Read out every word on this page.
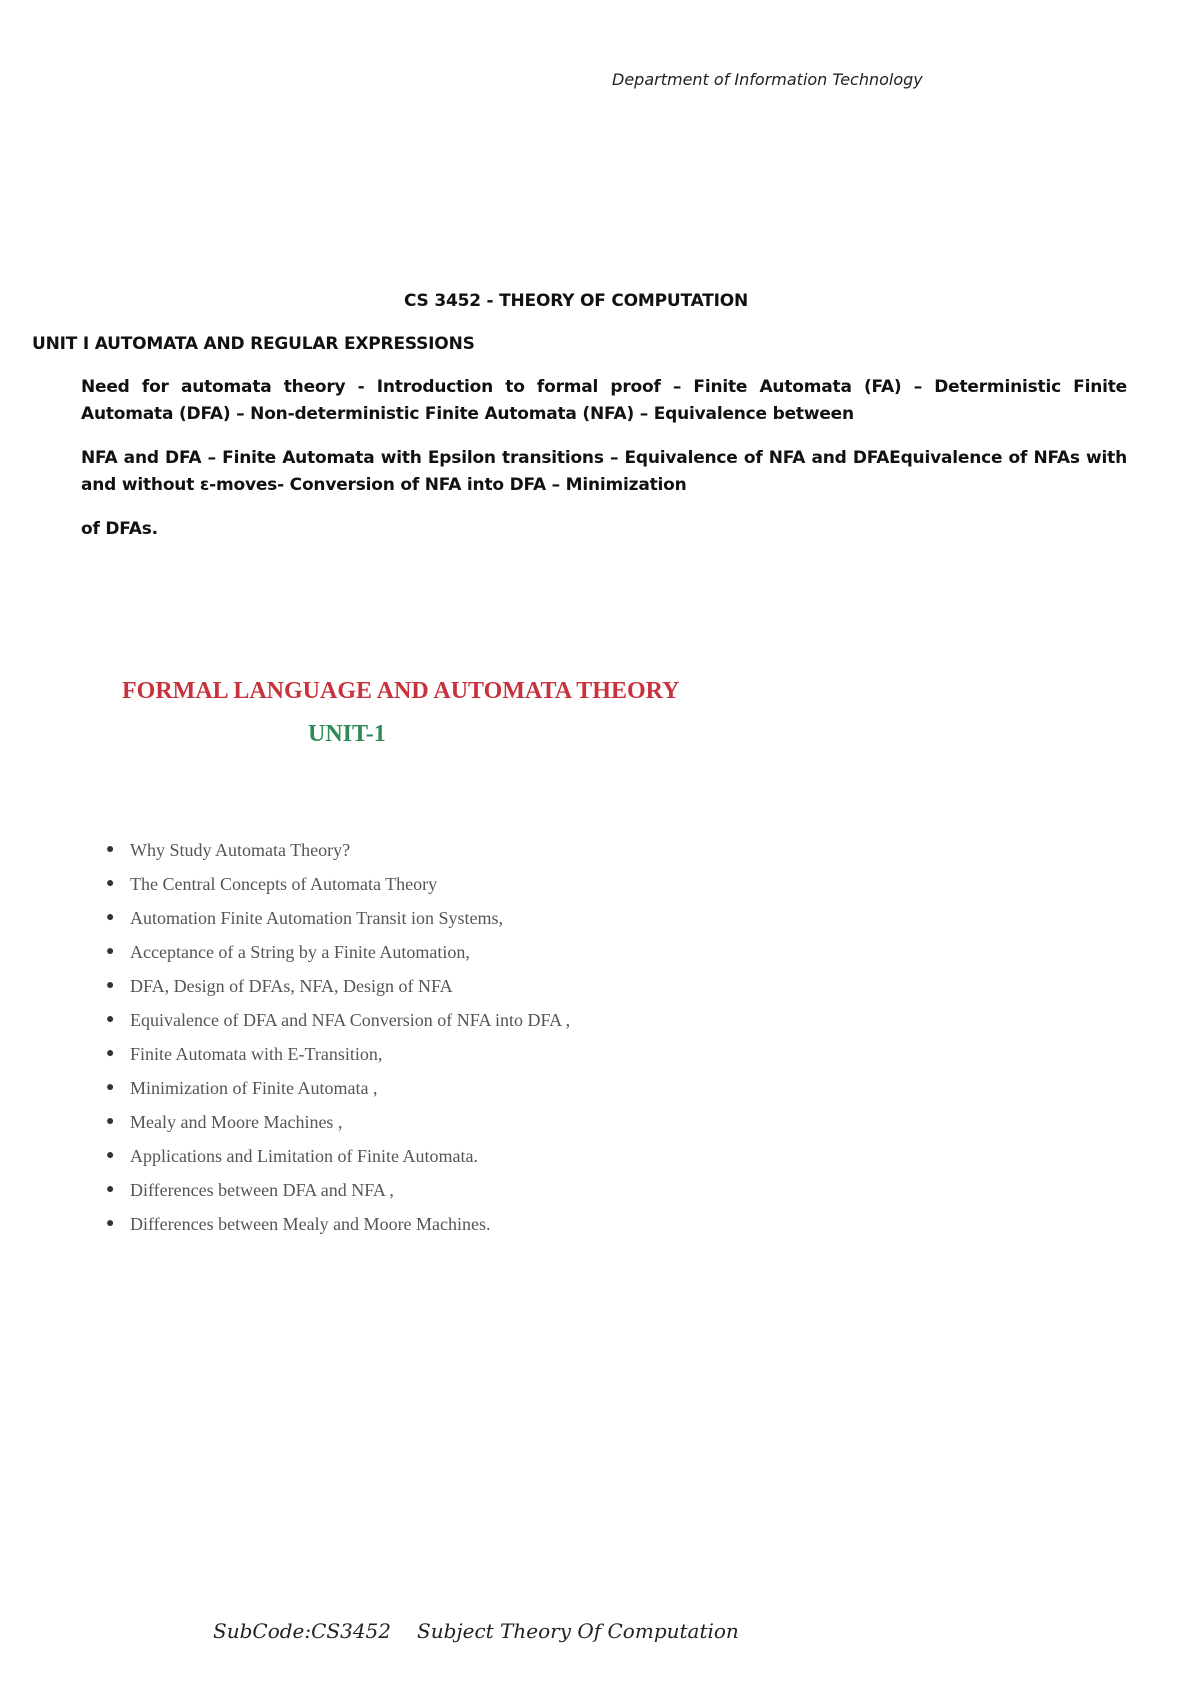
Department of Information Technology
CS 3452 - THEORY OF COMPUTATION
UNIT I AUTOMATA AND REGULAR EXPRESSIONS

Need for automata theory - Introduction to formal proof – Finite Automata (FA) – Deterministic Finite Automata (DFA) – Non-deterministic Finite Automata (NFA) – Equivalence between

NFA and DFA – Finite Automata with Epsilon transitions – Equivalence of NFA and DFAEquivalence of NFAs with and without ε-moves- Conversion of NFA into DFA – Minimization

of DFAs.

FORMAL LANGUAGE AND AUTOMATA THEORY
UNIT-1
● Why Study Automata Theory?
● The Central Concepts of Automata Theory
● Automation Finite Automation Transit ion Systems,
● Acceptance of a String by a Finite Automation,
● DFA, Design of DFAs, NFA, Design of NFA
● Equivalence of DFA and NFA Conversion of NFA into DFA ,
● Finite Automata with E-Transition,
● Minimization of Finite Automata ,
● Mealy and Moore Machines ,
● Applications and Limitation of Finite Automata.
● Differences between DFA and NFA ,
● Differences between Mealy and Moore Machines.
SubCode:CS3452 Subject Theory Of Computation
